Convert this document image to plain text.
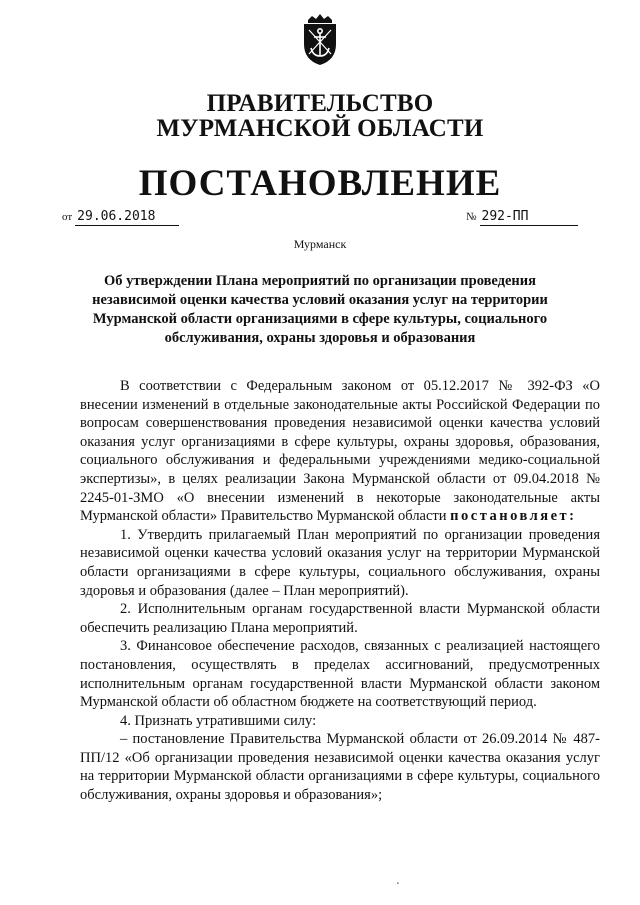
ПРАВИТЕЛЬСТВО
МУРМАНСКОЙ ОБЛАСТИ
ПОСТАНОВЛЕНИЕ
от 29.06.2018	№ 292-ПП
Мурманск
Об утверждении Плана мероприятий по организации проведения
независимой оценки качества условий оказания услуг на территории
Мурманской области организациями в сфере культуры, социального
обслуживания, охраны здоровья и образования

В соответствии с Федеральным законом от 05.12.2017 № 392-ФЗ «О внесении изменений в отдельные законодательные акты Российской Федерации по вопросам совершенствования проведения независимой оценки качества условий оказания услуг организациями в сфере культуры, охраны здоровья, образования, социального обслуживания и федеральными учреждениями медико-социальной экспертизы», в целях реализации Закона Мурманской области от 09.04.2018 № 2245-01-ЗМО «О внесении изменений в некоторые законодательные акты Мурманской области» Правительство Мурманской области постановляет:

1. Утвердить прилагаемый План мероприятий по организации проведения независимой оценки качества условий оказания услуг на территории Мурманской области организациями в сфере культуры, социального обслуживания, охраны здоровья и образования (далее – План мероприятий).

2. Исполнительным органам государственной власти Мурманской области обеспечить реализацию Плана мероприятий.

3. Финансовое обеспечение расходов, связанных с реализацией настоящего постановления, осуществлять в пределах ассигнований, предусмотренных исполнительным органам государственной власти Мурманской области законом Мурманской области об областном бюджете на соответствующий период.

4. Признать утратившими силу:

– постановление Правительства Мурманской области от 26.09.2014 № 487-ПП/12 «Об организации проведения независимой оценки качества оказания услуг на территории Мурманской области организациями в сфере культуры, социального обслуживания, охраны здоровья и образования»;

·
